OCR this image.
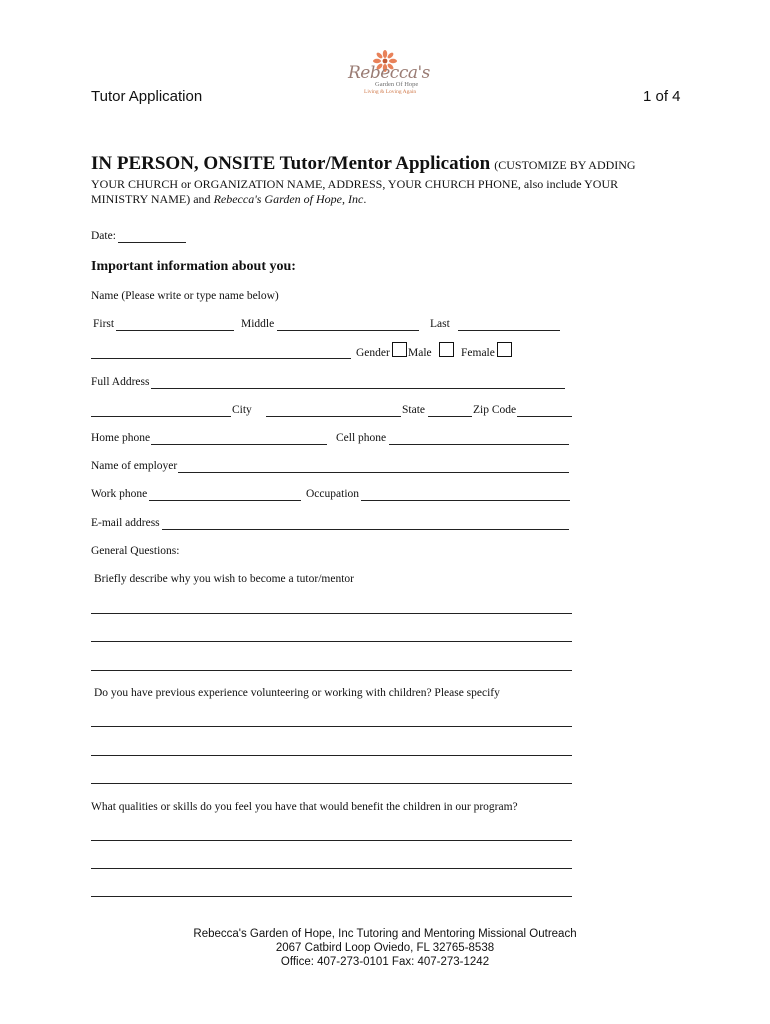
Tutor Application	1 of 4
Rebecca's
Garden Of Hope
Living & Loving Again
IN PERSON, ONSITE Tutor/Mentor Application (CUSTOMIZE BY ADDING
YOUR CHURCH or ORGANIZATION NAME, ADDRESS, YOUR CHURCH PHONE, also include YOUR
MINISTRY NAME) and Rebecca's Garden of Hope, Inc.
Date:
Important information about you:
Name (Please write or type name below)
First	Middle	Last
Gender Male	Female
Full Address
City	State	Zip Code
Home phone	Cell phone
Name of employer
Work phone	Occupation
E-mail address
General Questions:
Briefly describe why you wish to become a tutor/mentor
Do you have previous experience volunteering or working with children? Please specify
What qualities or skills do you feel you have that would benefit the children in our program?
Rebecca's Garden of Hope, Inc Tutoring and Mentoring Missional Outreach
2067 Catbird Loop Oviedo, FL 32765-8538
Office: 407-273-0101 Fax: 407-273-1242
